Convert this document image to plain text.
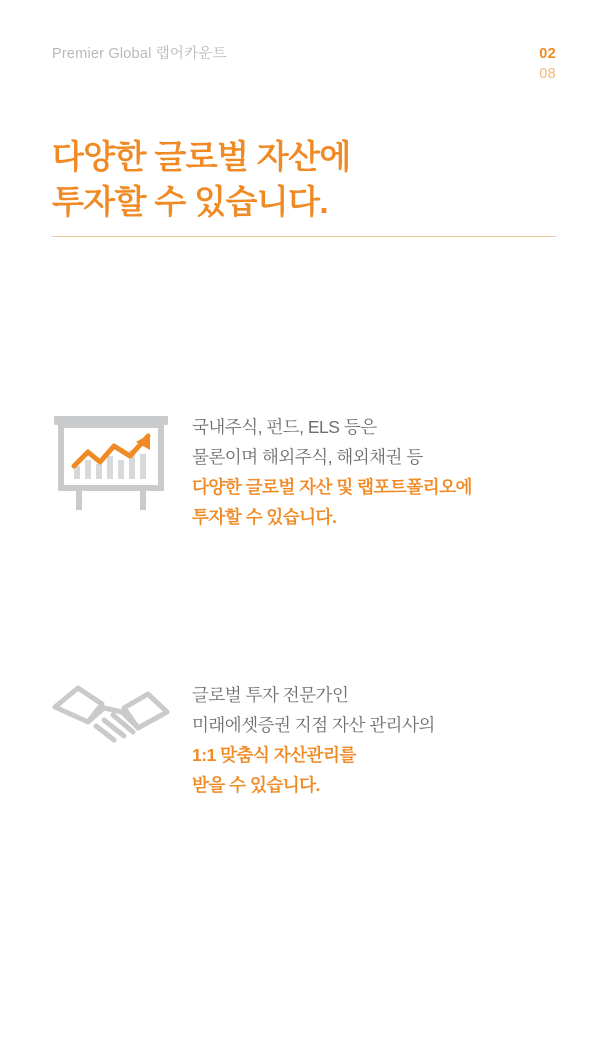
Premier Global 랩어카운트	02
08
다양한 글로벌 자산에
투자할 수 있습니다.

국내주식, 펀드, ELS 등은

물론이며 해외주식, 해외채권 등

다양한 글로벌 자산 및 랩포트폴리오에

투자할 수 있습니다.

글로벌 투자 전문가인

미래에셋증권 지점 자산 관리사의

1:1 맞춤식 자산관리를

받을 수 있습니다.
